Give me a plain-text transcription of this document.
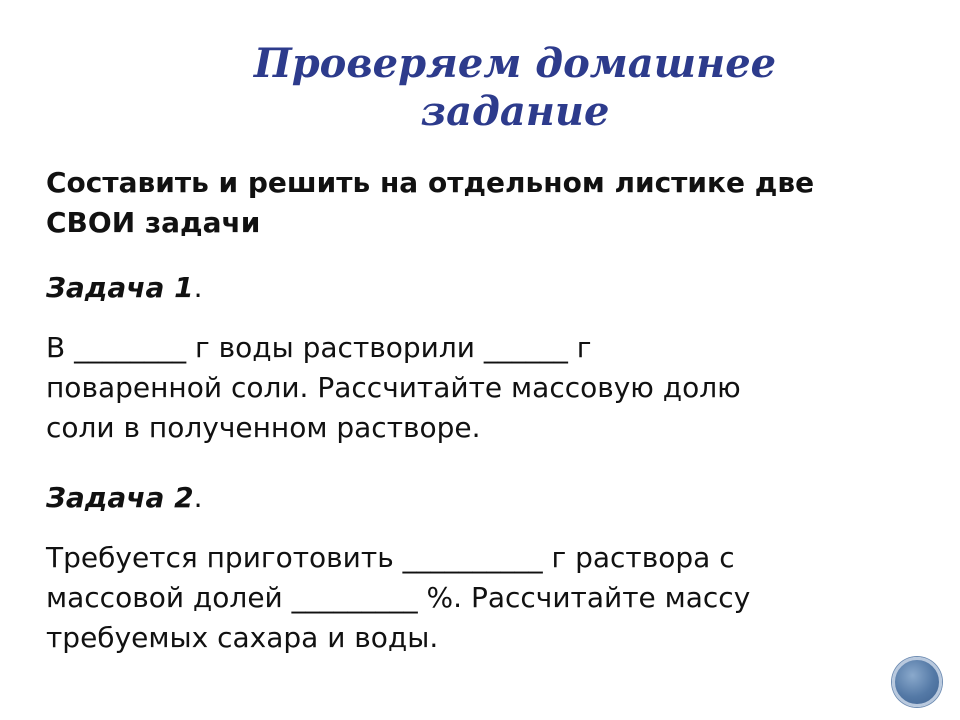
Проверяем домашнее
задание
Составить и решить на отдельном листике две
СВОИ задачи
Задача 1.
В ________ г воды растворили ______ г
поваренной соли. Рассчитайте массовую долю
соли в полученном растворе.
Задача 2.
Требуется приготовить __________ г раствора с
массовой долей _________ %. Рассчитайте массу
требуемых сахара и воды.
